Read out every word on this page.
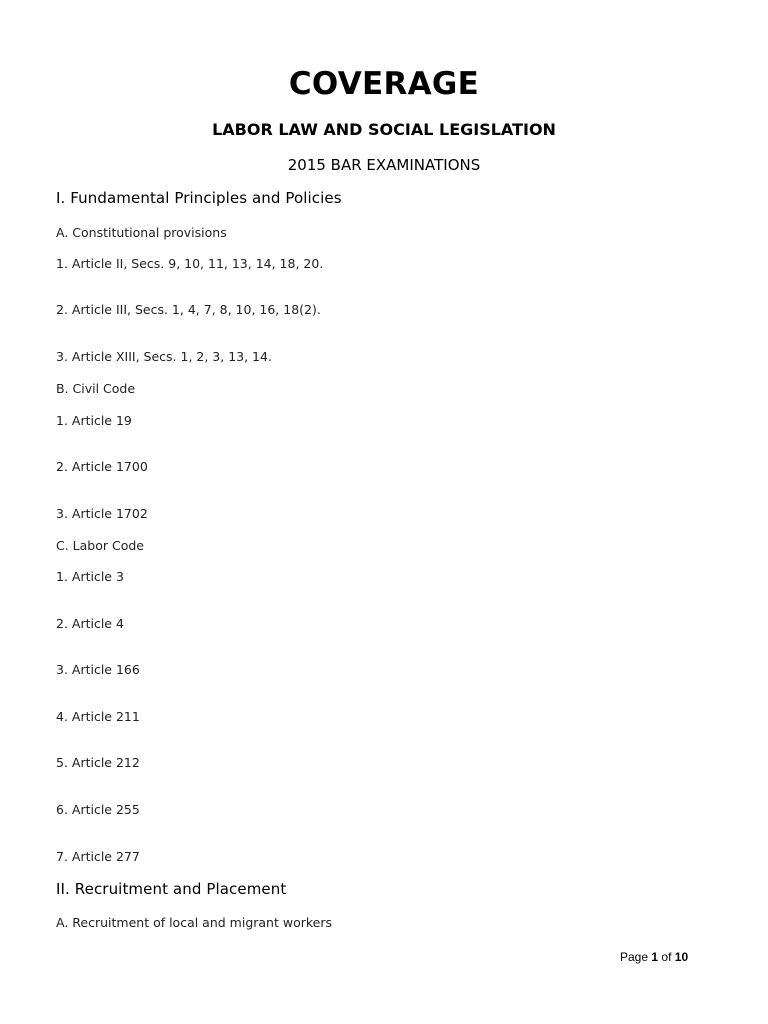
COVERAGE
LABOR LAW AND SOCIAL LEGISLATION
2015 BAR EXAMINATIONS
I. Fundamental Principles and Policies
A. Constitutional provisions
1. Article II, Secs. 9, 10, 11, 13, 14, 18, 20.
2. Article III, Secs. 1, 4, 7, 8, 10, 16, 18(2).
3. Article XIII, Secs. 1, 2, 3, 13, 14.
B. Civil Code
1. Article 19
2. Article 1700
3. Article 1702
C. Labor Code
1. Article 3
2. Article 4
3. Article 166
4. Article 211
5. Article 212
6. Article 255
7. Article 277
II. Recruitment and Placement
A. Recruitment of local and migrant workers
Page 1 of 10
